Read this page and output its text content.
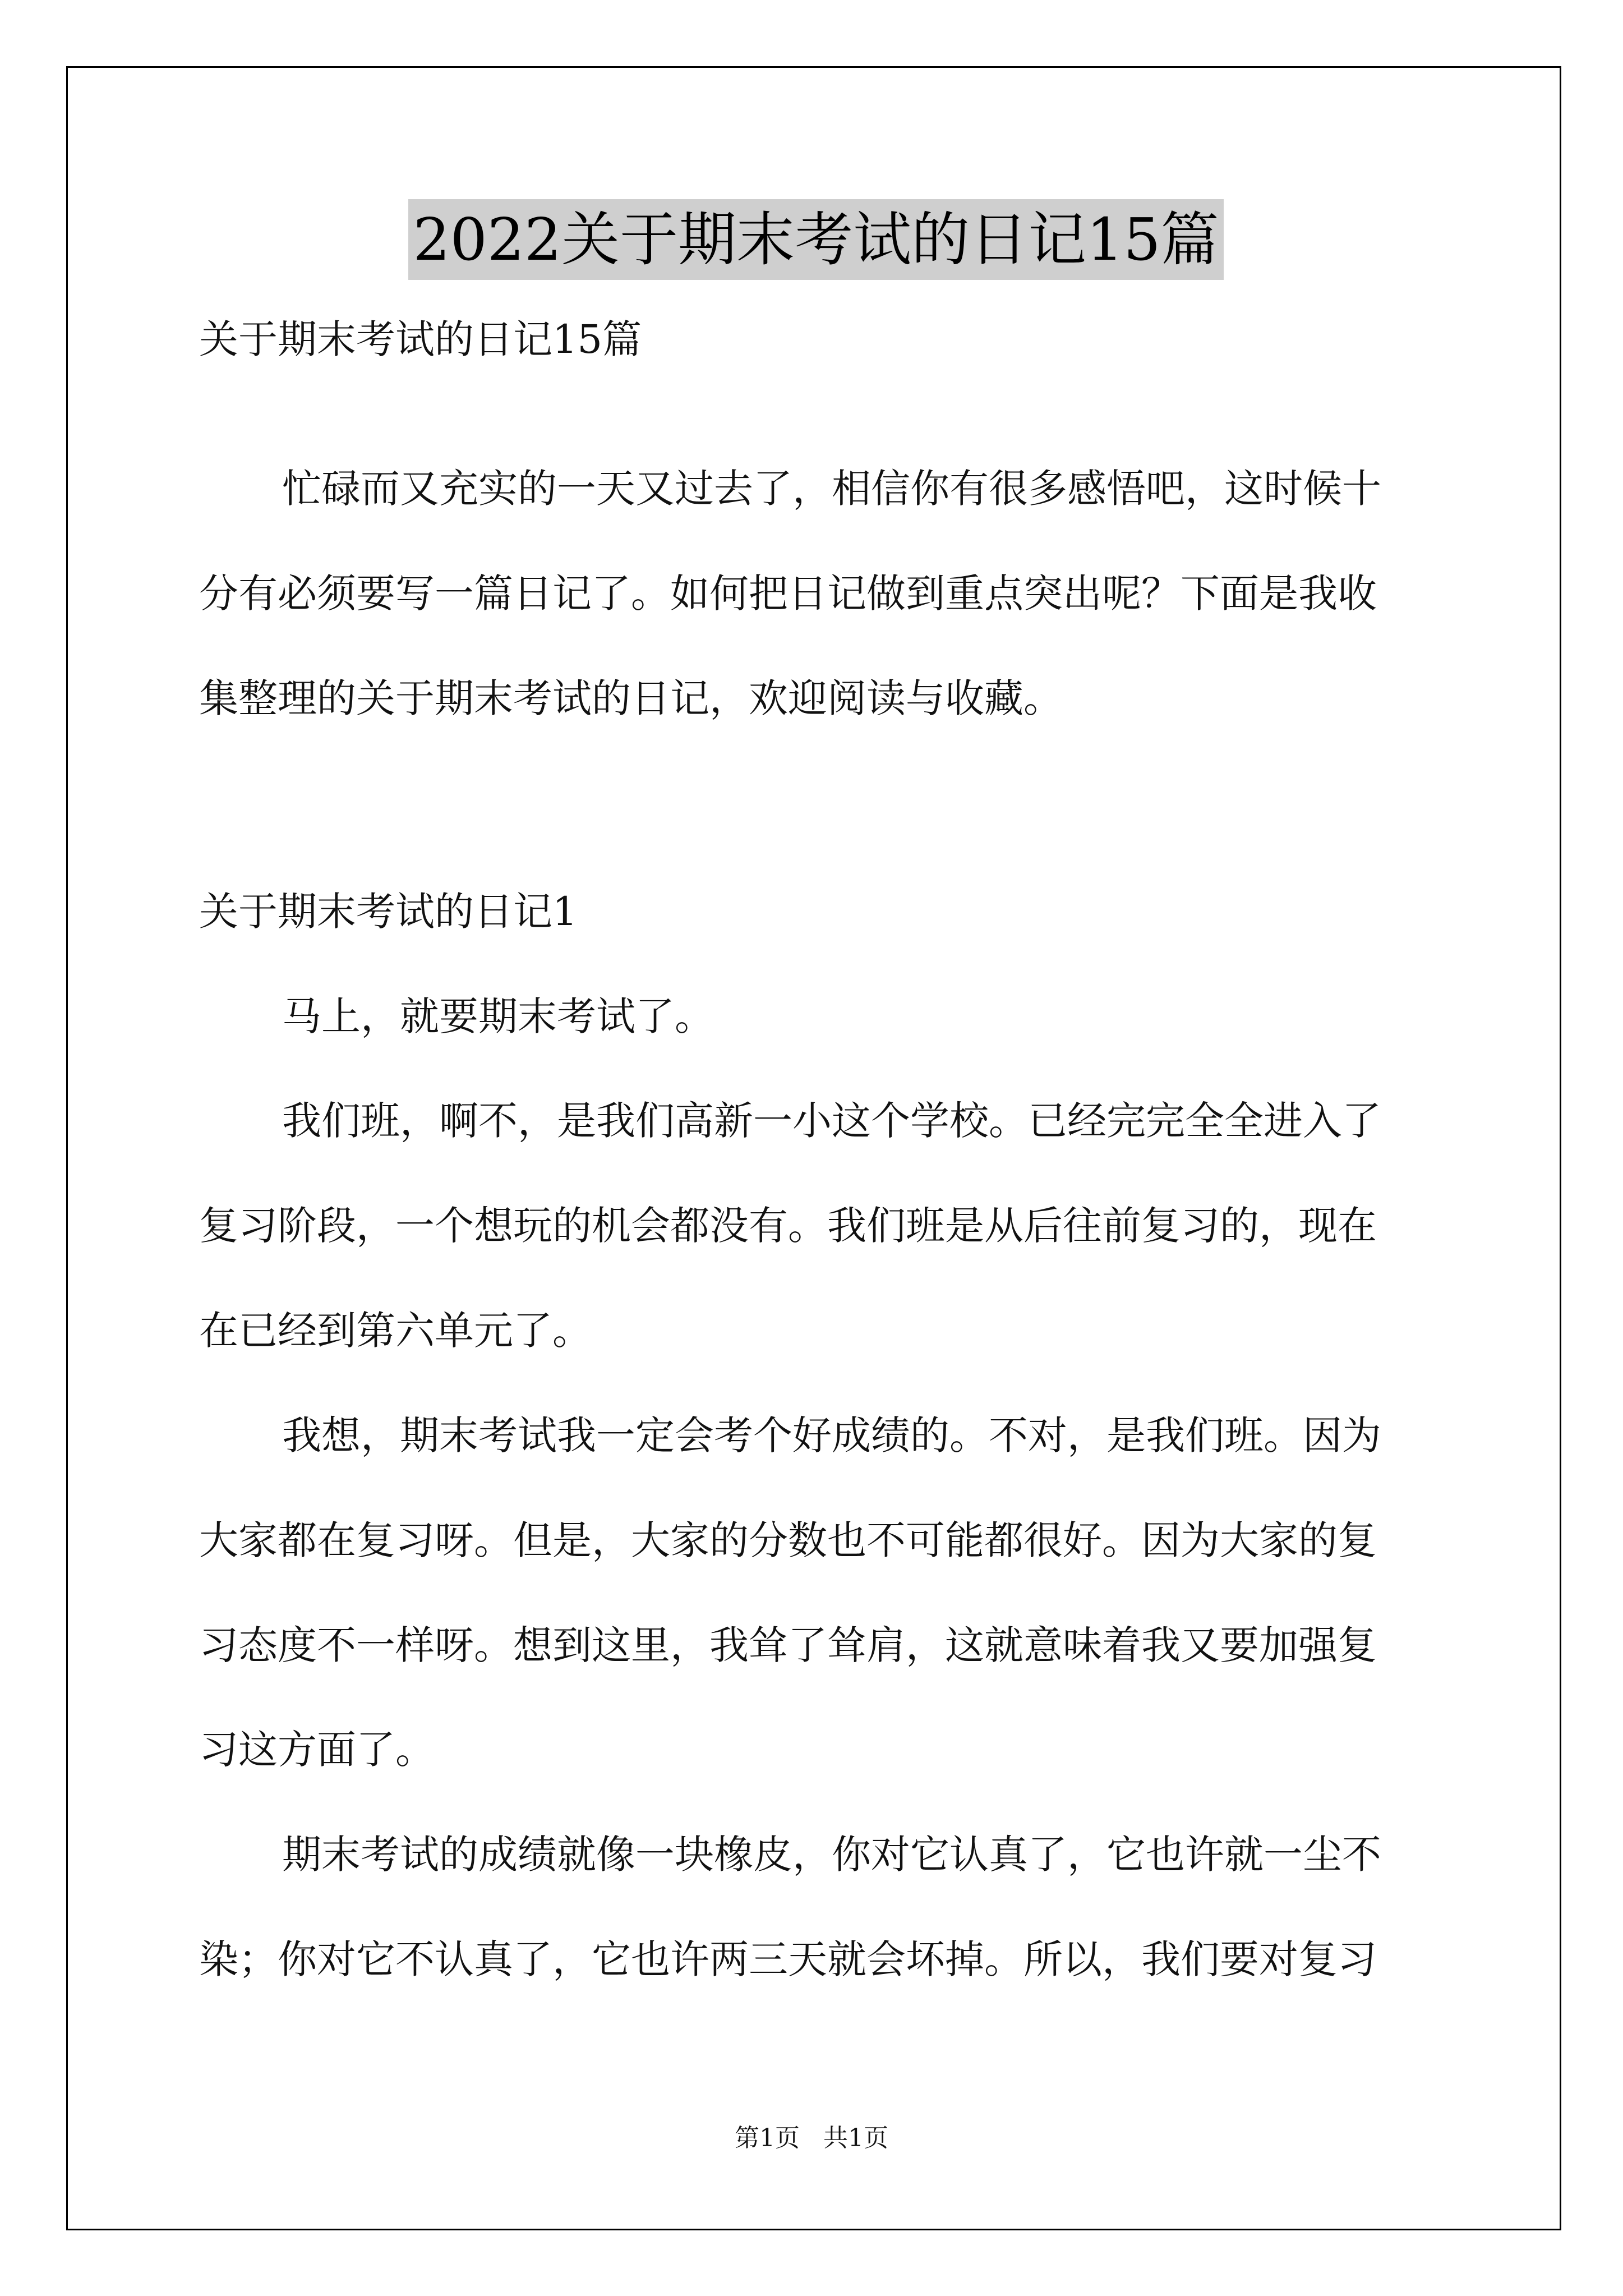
2022关于期末考试的日记15篇
关于期末考试的日记15篇
忙碌而又充实的一天又过去了，相信你有很多感悟吧，这时候十
分有必须要写一篇日记了。如何把日记做到重点突出呢？下面是我收
集整理的关于期末考试的日记，欢迎阅读与收藏。
关于期末考试的日记1
马上，就要期末考试了。
我们班，啊不，是我们高新一小这个学校。已经完完全全进入了
复习阶段，一个想玩的机会都没有。我们班是从后往前复习的，现在
在已经到第六单元了。
我想，期末考试我一定会考个好成绩的。不对，是我们班。因为
大家都在复习呀。但是，大家的分数也不可能都很好。因为大家的复
习态度不一样呀。想到这里，我耸了耸肩，这就意味着我又要加强复
习这方面了。
期末考试的成绩就像一块橡皮，你对它认真了，它也许就一尘不
染；你对它不认真了，它也许两三天就会坏掉。所以，我们要对复习
第1页   共1页
